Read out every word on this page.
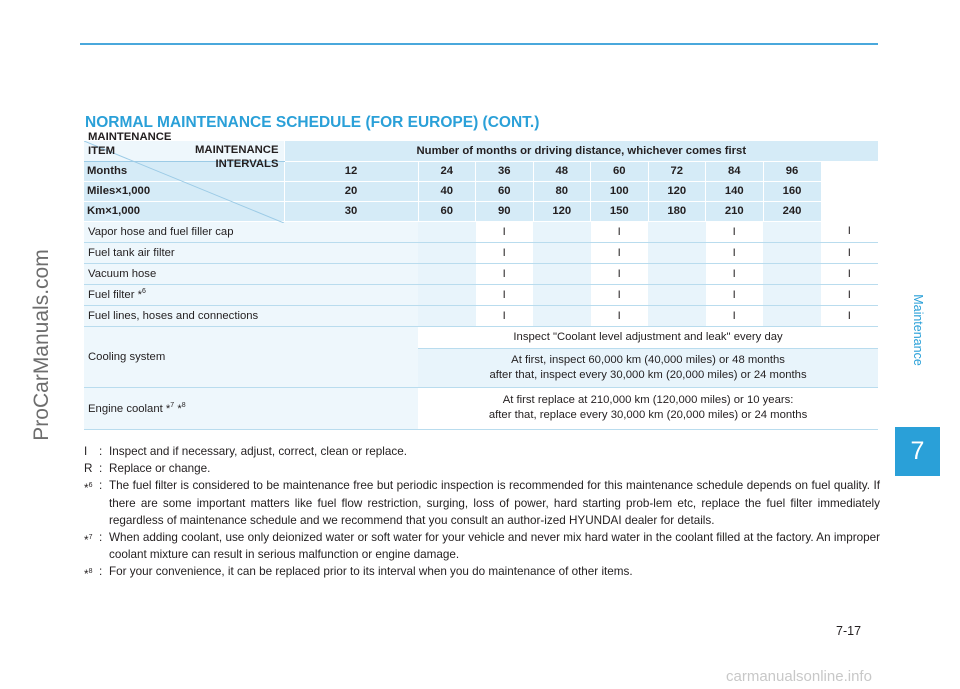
NORMAL MAINTENANCE SCHEDULE (FOR EUROPE) (CONT.)
ProCarManuals.com	Maintenance
7
MAINTENANCE
INTERVALS
MAINTENANCE
ITEM	Number of months or driving distance, whichever comes first								
Months	12	24	36	48	60	72	84	96	
Miles×1,000	20	40	60	80	100	120	140	160	
Km×1,000	30	60	90	120	150	180	210	240	
Vapor hose and fuel filler cap			I		I		I		I
Fuel tank air filter			I		I		I		I
Vacuum hose			I		I		I		I
Fuel filter *$^6$			I		I		I		I
Fuel lines, hoses and connections			I		I		I		I
Cooling system		Inspect "Coolant level adjustment and leak" every day							

		At first, inspect 60,000 km (40,000 miles) or 48 months
after that, inspect every 30,000 km (20,000 miles) or 24 months							

Engine coolant *$^7$ *$^8$		At first replace at 210,000 km (120,000 miles) or 10 years:
after that, replace every 30,000 km (20,000 miles) or 24 months							
I	: Inspect and if necessary, adjust, correct, clean or replace.
R : Replace or change.
*$^6$ : The fuel filter is considered to be maintenance free but periodic inspection is recommended for this maintenance schedule depends on fuel quality. If there are some important matters like fuel flow restriction, surging, loss of power, hard starting prob-lem etc, replace the fuel filter immediately regardless of maintenance schedule and we recommend that you consult an author-ized HYUNDAI dealer for details.
*$^7$ : When adding coolant, use only deionized water or soft water for your vehicle and never mix hard water in the coolant filled at the factory. An improper coolant mixture can result in serious malfunction or engine damage.
*$^8$ : For your convenience, it can be replaced prior to its interval when you do maintenance of other items.
7-17
carmanualsonline.info
